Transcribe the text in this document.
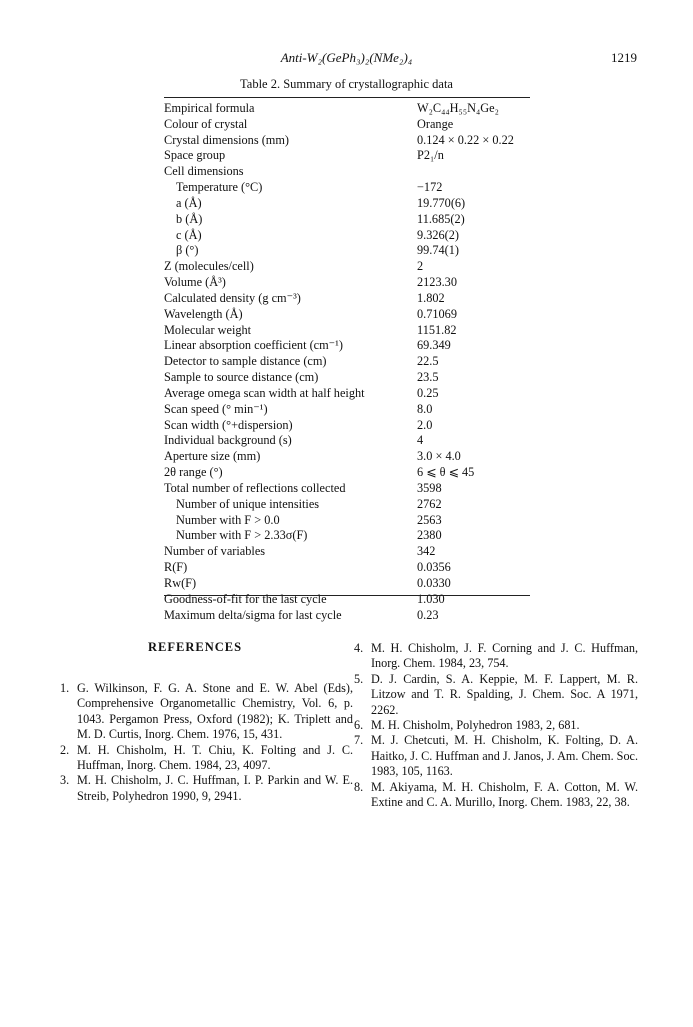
Anti-W₂(GePh₃)₂(NMe₂)₄	1219
Table 2. Summary of crystallographic data
Empirical formula	W₂C₄₄H₅₅N₄Ge₂
Colour of crystal	Orange
Crystal dimensions (mm)	0.124 × 0.22 × 0.22
Space group	P2₁/n
Cell dimensions
Temperature (°C)	−172
a (Å)	19.770(6)
b (Å)	11.685(2)
c (Å)	9.326(2)
β (°)	99.74(1)
Z (molecules/cell)	2
Volume (Å³)	2123.30
Calculated density (g cm⁻³)	1.802
Wavelength (Å)	0.71069
Molecular weight	1151.82
Linear absorption coefficient (cm⁻¹)	69.349
Detector to sample distance (cm)	22.5
Sample to source distance (cm)	23.5
Average omega scan width at half height	0.25
Scan speed (° min⁻¹)	8.0
Scan width (°+dispersion)	2.0
Individual background (s)	4
Aperture size (mm)	3.0 × 4.0
2θ range (°)	6 ⩽ θ ⩽ 45
Total number of reflections collected	3598
Number of unique intensities	2762
Number with F > 0.0	2563
Number with F > 2.33σ(F)	2380
Number of variables	342
R(F)	0.0356
Rw(F)	0.0330
Goodness-of-fit for the last cycle	1.030
Maximum delta/sigma for last cycle	0.23
REFERENCES
1. G. Wilkinson, F. G. A. Stone and E. W. Abel (Eds), Comprehensive Organometallic Chemistry, Vol. 6, p. 1043. Pergamon Press, Oxford (1982); K. Triplett and M. D. Curtis, Inorg. Chem. 1976, 15, 431.
2. M. H. Chisholm, H. T. Chiu, K. Folting and J. C. Huffman, Inorg. Chem. 1984, 23, 4097.
3. M. H. Chisholm, J. C. Huffman, I. P. Parkin and W. E. Streib, Polyhedron 1990, 9, 2941.
4. M. H. Chisholm, J. F. Corning and J. C. Huffman, Inorg. Chem. 1984, 23, 754.
5. D. J. Cardin, S. A. Keppie, M. F. Lappert, M. R. Litzow and T. R. Spalding, J. Chem. Soc. A 1971, 2262.
6. M. H. Chisholm, Polyhedron 1983, 2, 681.
7. M. J. Chetcuti, M. H. Chisholm, K. Folting, D. A. Haitko, J. C. Huffman and J. Janos, J. Am. Chem. Soc. 1983, 105, 1163.
8. M. Akiyama, M. H. Chisholm, F. A. Cotton, M. W. Extine and C. A. Murillo, Inorg. Chem. 1983, 22, 38.
